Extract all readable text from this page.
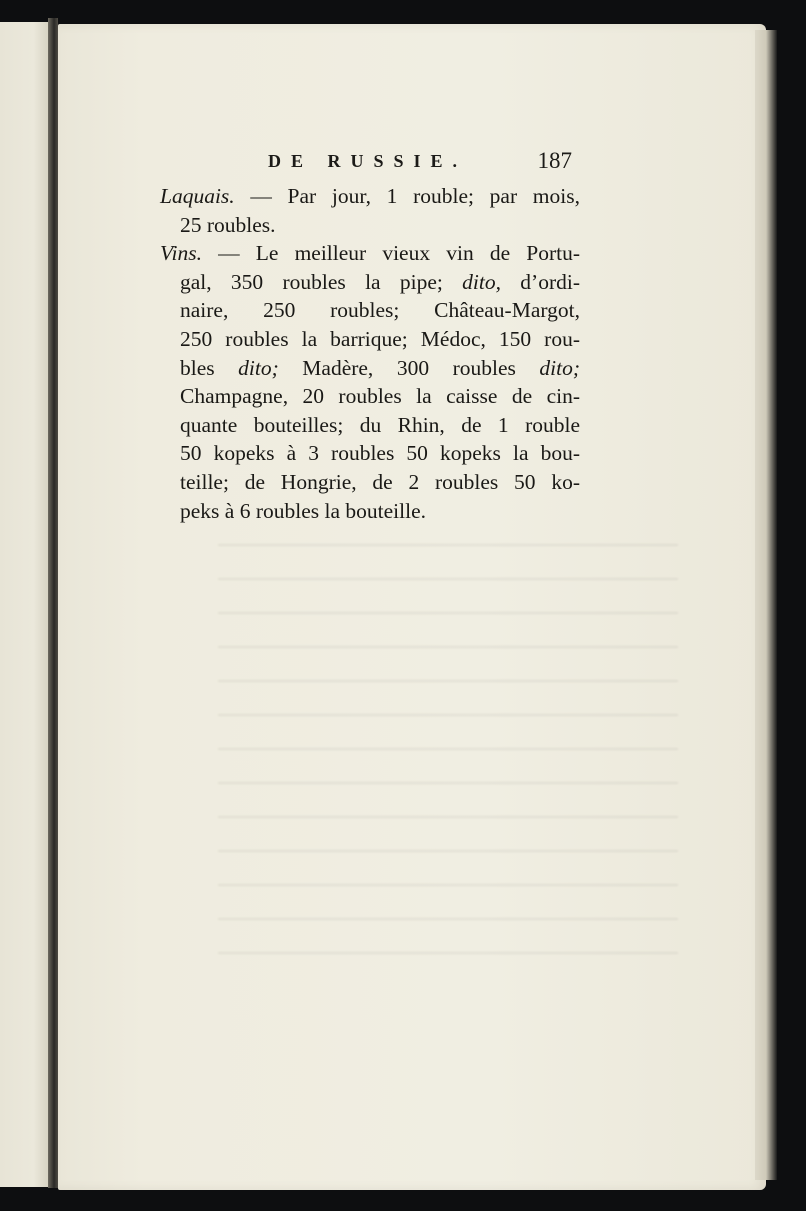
DE RUSSIE.	187
Laquais. — Par jour, 1 rouble; par mois,
25 roubles.
Vins. — Le meilleur vieux vin de Portu-
gal, 350 roubles la pipe; dito, d’ordi-
naire, 250 roubles; Château-Margot,
250 roubles la barrique; Médoc, 150 rou-
bles dito; Madère, 300 roubles dito;
Champagne, 20 roubles la caisse de cin-
quante bouteilles; du Rhin, de 1 rouble
50 kopeks à 3 roubles 50 kopeks la bou-
teille; de Hongrie, de 2 roubles 50 ko-
peks à 6 roubles la bouteille.
